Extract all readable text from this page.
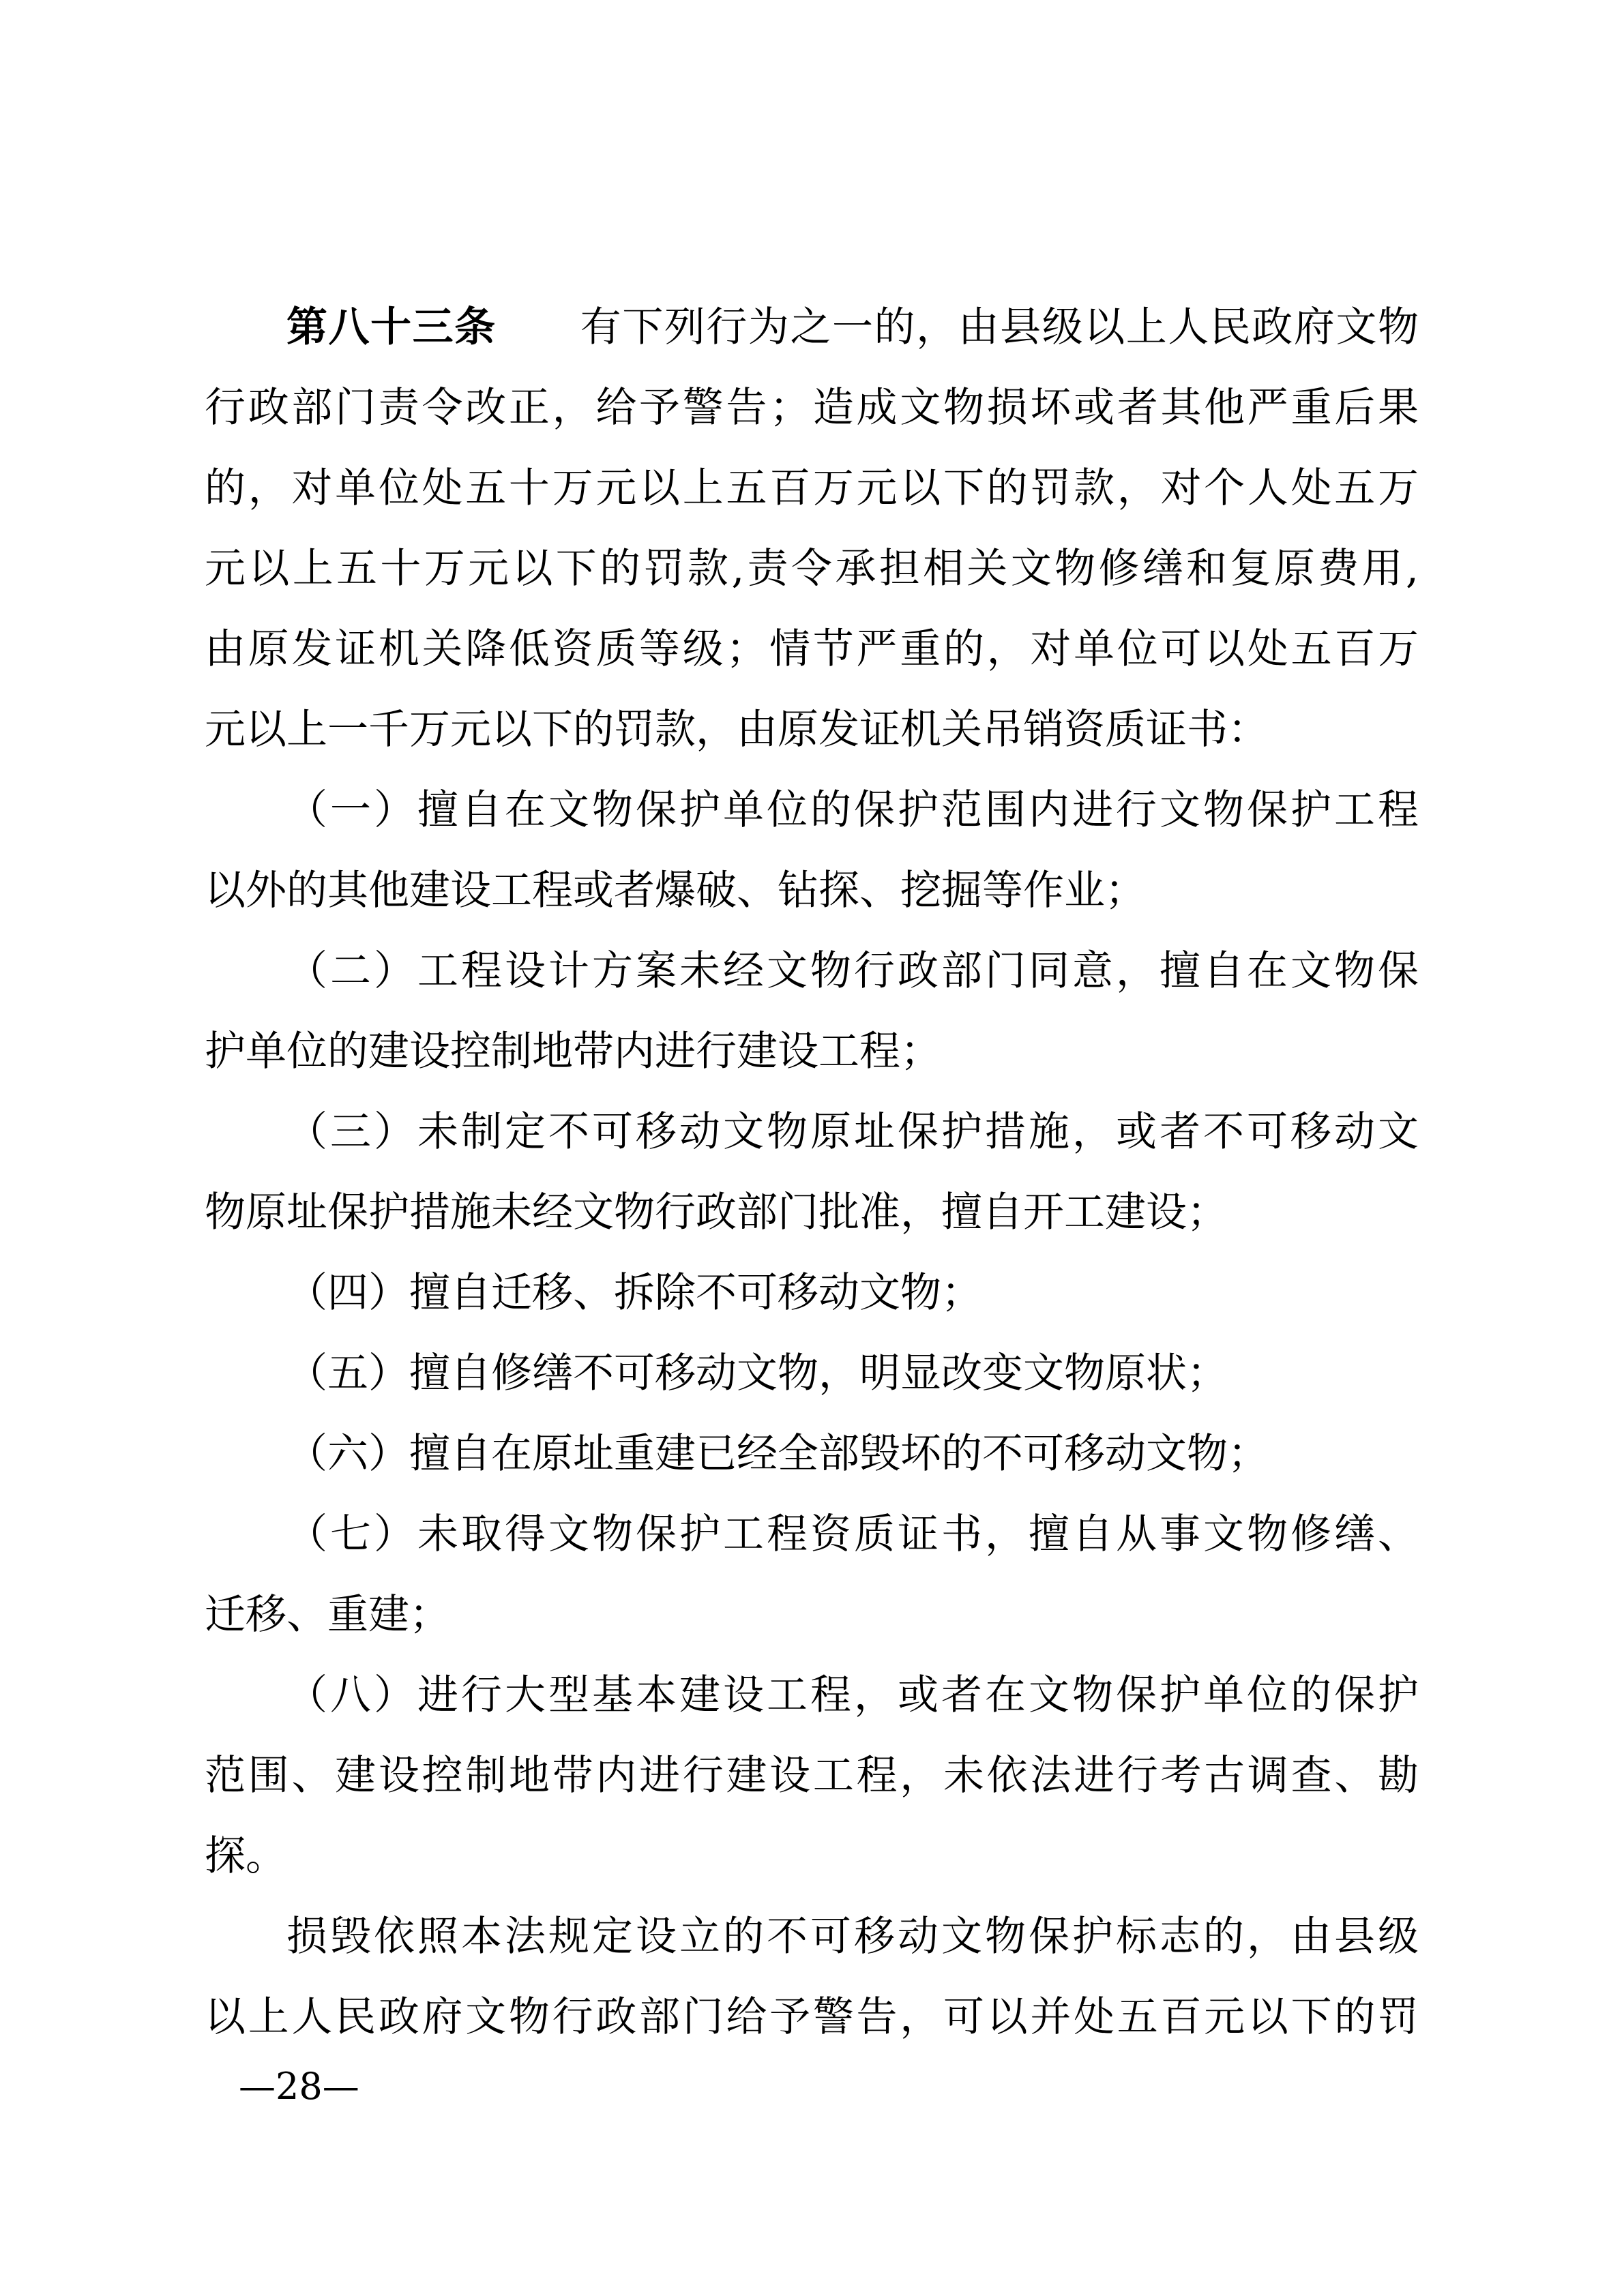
第八十三条　　 有下列行为之一的，由县级以上人民政府文物
行政部门责令改正，给予警告；造成文物损坏或者其他严重后果
的，对单位处五十万元以上五百万元以下的罚款，对个人处五万
元以上五十万元以下的罚款,责令承担相关文物修缮和复原费用,
由原发证机关降低资质等级；情节严重的，对单位可以处五百万
元以上一千万元以下的罚款，由原发证机关吊销资质证书：
（一）擅自在文物保护单位的保护范围内进行文物保护工程
以外的其他建设工程或者爆破、钻探、挖掘等作业；
（二）工程设计方案未经文物行政部门同意，擅自在文物保
护单位的建设控制地带内进行建设工程；
（三）未制定不可移动文物原址保护措施，或者不可移动文
物原址保护措施未经文物行政部门批准，擅自开工建设；
（四）擅自迁移、拆除不可移动文物；
（五）擅自修缮不可移动文物，明显改变文物原状；
（六）擅自在原址重建已经全部毁坏的不可移动文物；
（七）未取得文物保护工程资质证书，擅自从事文物修缮、
迁移、重建；
（八）进行大型基本建设工程，或者在文物保护单位的保护
范围、建设控制地带内进行建设工程，未依法进行考古调查、勘
探。
损毁依照本法规定设立的不可移动文物保护标志的，由县级
以上人民政府文物行政部门给予警告，可以并处五百元以下的罚
—28—
